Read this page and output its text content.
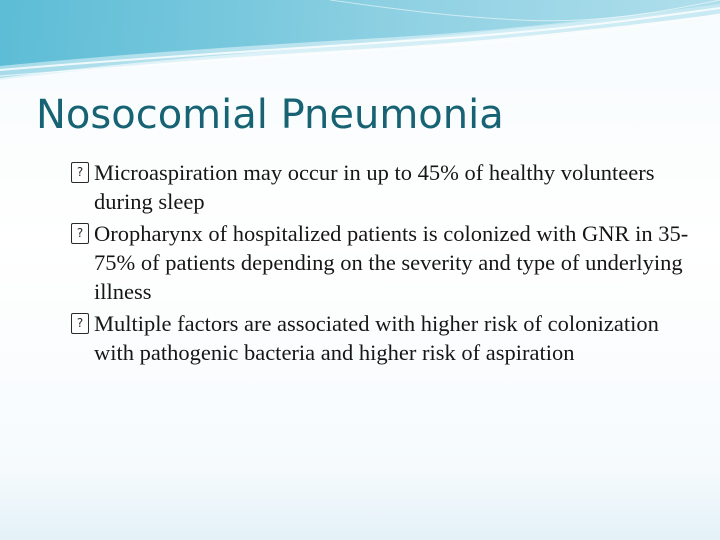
Nosocomial Pneumonia
? Microaspiration may occur in up to 45% of healthy volunteers during sleep
? Oropharynx of hospitalized patients is colonized with GNR in 35-75% of patients depending on the severity and type of underlying illness
? Multiple factors are associated with higher risk of colonization with pathogenic bacteria and higher risk of aspiration
